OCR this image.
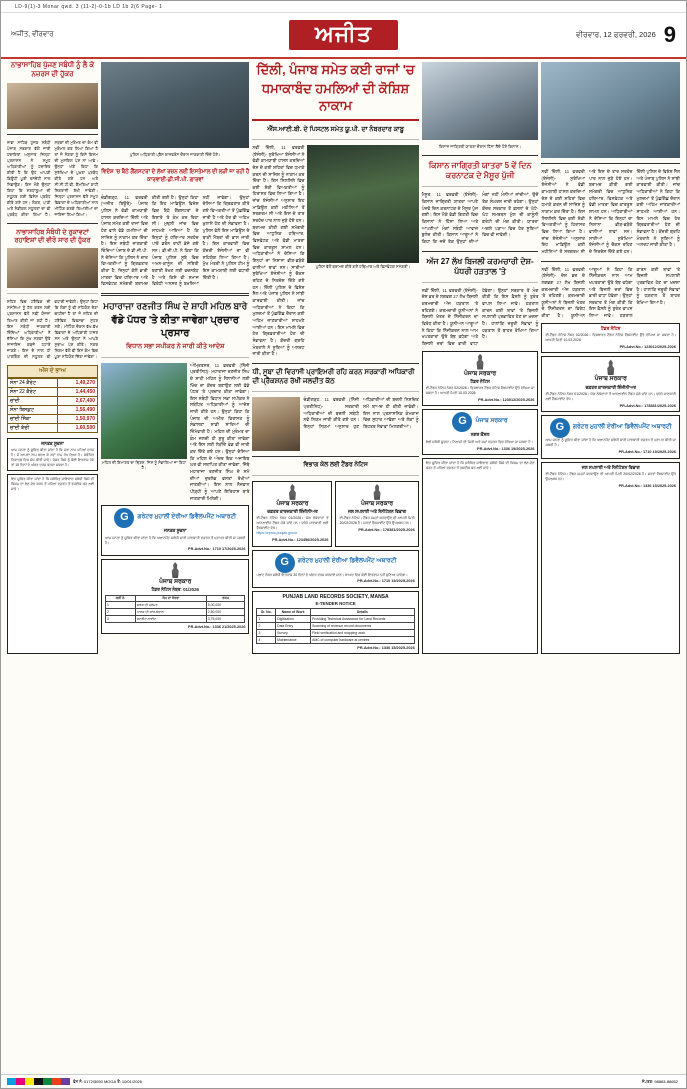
LD-9(1)-3 Monar qwd. 3 (11-2)-0-1b LD 1b 2(6 Page- 1
ਅਜੀਤ, ਵੀਰਵਾਰ	ਅਜੀਤ	ਵੀਰਵਾਰ, 12 ਫਰਵਰੀ, 2026 9
ਨਾਭਾਸਾਹਿਬ ਪੁੱਜਣ ਸਬੰਧੀ ਨੂੰ ਲੈ ਕੇ ਨਜ਼ਰਸ ਦੀ ਹੁੱਕਰ
ਨਾਭਾ ਸਾਹਿਬ ਪੁੱਜਣ ਸਬੰਧੀ ਪੰਜਾਬ ਸਰਕਾਰ ਵੱਲੋਂ ਜਾਰੀ ਹਦਾਇਤਾਂ ਅਨੁਸਾਰ ਜ਼ਿਲ੍ਹਾ ਪ੍ਰਸ਼ਾਸਨ ਨੇ ਸਮੂਹ ਅਧਿਕਾਰੀਆਂ ਨੂੰ ਹਦਾਇਤ ਕੀਤੀ ਹੈ ਕਿ ਉਹ ਆਪਣੀ ਡਿਊਟੀ ਪੂਰੀ ਤਨਦੇਹੀ ਨਾਲ ਨਿਭਾਉਣ। ਇਸ ਮੌਕੇ ਉਨ੍ਹਾਂ ਕਿਹਾ ਕਿ ਸ਼ਰਧਾਲੂਆਂ ਦੀ ਸਹੂਲਤ ਲਈ ਵਿਸ਼ੇਸ਼ ਪ੍ਰਬੰਧ ਕੀਤੇ ਗਏ ਹਨ। ਲੰਗਰ, ਪਾਣੀ ਅਤੇ ਮੈਡੀਕਲ ਸਹੂਲਤਾਂ ਦਾ ਵੀ ਪ੍ਰਬੰਧ ਕੀਤਾ ਗਿਆ ਹੈ। ਸੜਕਾਂ ਦੀ ਮੁਰੰਮਤ ਦਾ ਕੰਮ ਵੀ ਮੁਕੰਮਲ ਕਰ ਲਿਆ ਗਿਆ ਹੈ ਤਾਂ ਜੋ ਸੰਗਤਾਂ ਨੂੰ ਕਿਸੇ ਕਿਸਮ ਦੀ ਮੁਸ਼ਕਿਲ ਪੇਸ਼ ਨਾ ਆਵੇ। ਉਨ੍ਹਾਂ ਅੱਗੇ ਕਿਹਾ ਕਿ ਸੁਰੱਖਿਆ ਦੇ ਪੁਖ਼ਤਾ ਪ੍ਰਬੰਧ ਕੀਤੇ ਗਏ ਹਨ ਅਤੇ ਸੀ.ਸੀ.ਟੀ.ਵੀ. ਕੈਮਰਿਆਂ ਰਾਹੀਂ ਨਿਗਰਾਨੀ ਰੱਖੀ ਜਾਵੇਗੀ। ਜ਼ਿਲ੍ਹਾ ਪ੍ਰਸ਼ਾਸਨ ਵੱਲੋਂ ਸਮੂਹ ਵਿਭਾਗਾਂ ਦੇ ਅਧਿਕਾਰੀਆਂ ਨਾਲ ਮੀਟਿੰਗ ਕਰਕੇ ਤਿਆਰੀਆਂ ਦਾ ਜਾਇਜ਼ਾ ਲਿਆ ਗਿਆ।
ਨਾਭਾਸਾਹਿਬ ਸੰਬੰਧੀ ਦੇ ਰੁਕਾਵਟਾਂ ਰਹਾਇਸ਼ਾਂ ਦੀ ਵੀਰੋ ਸਾਰ ਦੀ ਹੁੱਕਰ
ਸ਼ਹਿਰ ਵਿਚ ਟਰੈਫਿਕ ਦੀ ਸਮੱਸਿਆ ਨੂੰ ਹੱਲ ਕਰਨ ਲਈ ਪ੍ਰਸ਼ਾਸਨ ਵੱਲੋਂ ਨਵੀਂ ਯੋਜਨਾ ਤਿਆਰ ਕੀਤੀ ਜਾ ਰਹੀ ਹੈ। ਇਸ ਸਬੰਧੀ ਜਾਣਕਾਰੀ ਦਿੰਦਿਆਂ ਅਧਿਕਾਰੀਆਂ ਨੇ ਦੱਸਿਆ ਕਿ ਮੁੱਖ ਸੜਕਾਂ ਉਤੇ ਨਾਜਾਇਜ਼ ਕਬਜ਼ੇ ਹਟਾਏ ਜਾਣਗੇ। ਇਸ ਦੇ ਨਾਲ ਹੀ ਪਾਰਕਿੰਗ ਦੀ ਸਹੂਲਤ ਵੀ ਵਧਾਈ ਜਾਵੇਗੀ। ਉਨ੍ਹਾਂ ਕਿਹਾ ਕਿ ਲੋਕਾਂ ਨੂੰ ਵੀ ਸਹਿਯੋਗ ਦੇਣਾ ਚਾਹੀਦਾ ਹੈ ਤਾਂ ਜੋ ਸ਼ਹਿਰ ਦੀ ਟਰੈਫਿਕ ਵਿਵਸਥਾ ਸੁਧਰ ਸਕੇ। ਮੀਟਿੰਗ ਦੌਰਾਨ ਵੱਖ-ਵੱਖ ਵਿਭਾਗਾਂ ਦੇ ਅਧਿਕਾਰੀ ਹਾਜ਼ਰ ਸਨ ਅਤੇ ਉਨ੍ਹਾਂ ਨੇ ਆਪਣੇ ਸੁਝਾਅ ਪੇਸ਼ ਕੀਤੇ। ਨਗਰ ਨਿਗਮ ਵੱਲੋਂ ਵੀ ਇਸ ਕੰਮ ਵਿਚ ਪੂਰਾ ਸਹਿਯੋਗ ਦਿੱਤਾ ਜਾਵੇਗਾ।
ਅੱਜ ਦੇ ਭਾਅ
ਸੋਨਾ 24 ਕੈਰੇਟ	1,49,270
ਸੋਨਾ 22 ਕੈਰੇਟ	1,44,450
ਚਾਂਦੀ	2,67,400
ਸੋਨਾ ਬਿਸਕੁਟ	1,56,490
ਚਾਂਦੀ ਸਿੱਕਾ	1,50,970
ਚਾਂਦੀ ਕੱਚੀ	1,60,500
ਜਨਤਕ ਸੂਚਨਾ
ਆਮ ਜਨਤਾ ਨੂੰ ਸੂਚਿਤ ਕੀਤਾ ਜਾਂਦਾ ਹੈ ਕਿ ਮੇਰਾ ਨਾਮ ਪਹਿਲਾਂ ਦਰਜ ਹੈ। ਮੈਂ ਆਪਣਾ ਨਾਮ ਬਦਲ ਕੇ ਨਵਾਂ ਨਾਮ ਰੱਖ ਲਿਆ ਹੈ। ਸਬੰਧਿਤ ਰਿਕਾਰਡ ਵਿਚ ਸੋਧ ਕੀਤੀ ਜਾਵੇ। ਜੇਕਰ ਕਿਸੇ ਨੂੰ ਕੋਈ ਇਤਰਾਜ਼ ਹੋਵੇ ਤਾਂ 15 ਦਿਨਾਂ ਦੇ ਅੰਦਰ ਦਰਜ ਕਰਵਾ ਸਕਦਾ ਹੈ।
ਇਹ ਸੂਚਿਤ ਕੀਤਾ ਜਾਂਦਾ ਹੈ ਕਿ ਸਬੰਧਿਤ ਜਾਇਦਾਦ ਸਬੰਧੀ ਕਿਸੇ ਵੀ ਕਿਸਮ ਦਾ ਲੈਣ-ਦੇਣ ਕਰਨ ਤੋਂ ਪਹਿਲਾਂ ਦਫ਼ਤਰ ਤੋਂ ਤਸਦੀਕ ਕਰ ਲਈ ਜਾਵੇ।
ਪੁਲਿਸ ਅਧਿਕਾਰੀ ਪ੍ਰੈਸ ਕਾਨਫਰੰਸ ਦੌਰਾਨ ਜਾਣਕਾਰੀ ਦਿੰਦੇ ਹੋਏ।
ਵਿਦੇਸ਼ 'ਚ ਬੈਠੇ ਗੈਂਗਸਟਰਾਂ ਦੇ ਲੱਖਾਂ ਰਚਨ ਲਈ ਇਸਤੇਮਾਲ ਦੀ ਲੜੀ ਜਾ ਰਹੀ ਹੈ ਕਾਰਵਾਈ-ਡੀ.ਜੀ.ਪੀ. ਗਾਰਵਾਂ
ਚੰਡੀਗੜ੍ਹ, 11 ਫਰਵਰੀ (ਅਜੀਤ ਬਿਊਰੋ)- ਪੰਜਾਬ ਪੁਲਿਸ ਨੇ ਵੱਡੀ ਕਾਮਯਾਬੀ ਹਾਸਲ ਕਰਦਿਆਂ ਦਿੱਲੀ ਅਤੇ ਪੰਜਾਬ ਸਮੇਤ ਕਈ ਰਾਜਾਂ ਵਿਚ ਹੋਣ ਵਾਲੇ ਵੱਡੇ ਹਮਲਿਆਂ ਦੀ ਸਾਜ਼ਿਸ਼ ਨੂੰ ਨਾਕਾਮ ਕਰ ਦਿੱਤਾ ਹੈ। ਇਸ ਸਬੰਧੀ ਜਾਣਕਾਰੀ ਦਿੰਦਿਆਂ ਪੰਜਾਬ ਦੇ ਡੀ.ਜੀ.ਪੀ. ਨੇ ਦੱਸਿਆ ਕਿ ਪੁਲਿਸ ਨੇ ਚਾਰ ਵਿਅਕਤੀਆਂ ਨੂੰ ਗ੍ਰਿਫ਼ਤਾਰ ਕੀਤਾ ਹੈ, ਜਿਨ੍ਹਾਂ ਕੋਲੋਂ ਭਾਰੀ ਮਾਤਰਾ ਵਿਚ ਹਥਿਆਰ ਅਤੇ ਵਿਸਫੋਟਕ ਸਮੱਗਰੀ ਬਰਾਮਦ ਕੀਤੀ ਗਈ ਹੈ। ਉਨ੍ਹਾਂ ਕਿਹਾ ਕਿ ਇਹ ਮਾਡਿਊਲ ਵਿਦੇਸ਼ ਵਿਚ ਬੈਠੇ ਗੈਂਗਸਟਰਾਂ ਦੇ ਇਸ਼ਾਰੇ 'ਤੇ ਕੰਮ ਕਰ ਰਿਹਾ ਸੀ। ਮੁਢਲੀ ਜਾਂਚ ਵਿਚ ਸਾਹਮਣੇ ਆਇਆ ਹੈ ਕਿ ਇਨ੍ਹਾਂ ਨੂੰ ਹਥਿਆਰ ਸਰਹੱਦ ਪਾਰੋਂ ਡਰੋਨ ਰਾਹੀਂ ਭੇਜੇ ਗਏ ਸਨ। ਡੀ.ਜੀ.ਪੀ. ਨੇ ਕਿਹਾ ਕਿ ਪੰਜਾਬ ਪੁਲਿਸ ਸੂਬੇ ਵਿਚ ਅਮਨ-ਕਾਨੂੰਨ ਦੀ ਸਥਿਤੀ ਬਣਾਈ ਰੱਖਣ ਲਈ ਵਚਨਬੱਧ ਹੈ ਅਤੇ ਕਿਸੇ ਵੀ ਸਮਾਜ ਵਿਰੋਧੀ ਅਨਸਰ ਨੂੰ ਬਖ਼ਸ਼ਿਆ ਨਹੀਂ ਜਾਵੇਗਾ। ਉਨ੍ਹਾਂ ਦੱਸਿਆ ਕਿ ਗ੍ਰਿਫ਼ਤਾਰ ਕੀਤੇ ਗਏ ਵਿਅਕਤੀਆਂ ਤੋਂ ਪੁੱਛਗਿੱਛ ਜਾਰੀ ਹੈ ਅਤੇ ਹੋਰ ਵੀ ਅਹਿਮ ਖ਼ੁਲਾਸੇ ਹੋਣ ਦੀ ਸੰਭਾਵਨਾ ਹੈ। ਪੁਲਿਸ ਵੱਲੋਂ ਇਸ ਮਾਡਿਊਲ ਦੇ ਬਾਕੀ ਮੈਂਬਰਾਂ ਦੀ ਭਾਲ ਜਾਰੀ ਹੈ। ਇਸ ਕਾਰਵਾਈ ਵਿਚ ਕੇਂਦਰੀ ਏਜੰਸੀਆਂ ਦਾ ਵੀ ਸਹਿਯੋਗ ਲਿਆ ਗਿਆ ਹੈ। ਮੁੱਖ ਮੰਤਰੀ ਨੇ ਪੁਲਿਸ ਟੀਮ ਨੂੰ ਇਸ ਕਾਮਯਾਬੀ ਲਈ ਵਧਾਈ ਦਿੱਤੀ ਹੈ।
ਮਹਾਰਾਜਾ ਰਣਜੀਤ ਸਿੰਘ ਦੇ ਸ਼ਾਹੀ ਮਹਿਲ ਬਾਰੇ
ਵੱਡੇ ਪੱਧਰ 'ਤੇ ਕੀਤਾ ਜਾਵੇਗਾ ਪ੍ਰਚਾਰ ਪ੍ਰਸਾਰ
ਵਿਧਾਨ ਸਭਾ ਸਪੀਕਰ ਨੇ ਜਾਰੀ ਕੀਤੇ ਆਦੇਸ਼
ਮਹਿਲ ਦੀ ਇਮਾਰਤ ਦਾ ਦ੍ਰਿਸ਼, ਜਿਸ ਨੂੰ ਸੰਭਾਲਿਆ ਜਾ ਰਿਹਾ ਹੈ।
ਅੰਮ੍ਰਿਤਸਰ, 11 ਫਰਵਰੀ (ਨਿੱਜੀ ਪ੍ਰਤੀਨਿਧ)- ਮਹਾਰਾਜਾ ਰਣਜੀਤ ਸਿੰਘ ਦੇ ਸ਼ਾਹੀ ਮਹਿਲ ਨੂੰ ਸੈਲਾਨੀਆਂ ਲਈ ਖਿੱਚ ਦਾ ਕੇਂਦਰ ਬਣਾਉਣ ਲਈ ਵੱਡੇ ਪੱਧਰ 'ਤੇ ਪ੍ਰਚਾਰ ਕੀਤਾ ਜਾਵੇਗਾ। ਇਸ ਸਬੰਧੀ ਵਿਧਾਨ ਸਭਾ ਸਪੀਕਰ ਨੇ ਸਬੰਧਿਤ ਅਧਿਕਾਰੀਆਂ ਨੂੰ ਆਦੇਸ਼ ਜਾਰੀ ਕੀਤੇ ਹਨ। ਉਨ੍ਹਾਂ ਕਿਹਾ ਕਿ ਪੰਜਾਬ ਦੀ ਅਮੀਰ ਵਿਰਾਸਤ ਨੂੰ ਸੰਭਾਲਣਾ ਸਾਡੀ ਸਾਰਿਆਂ ਦੀ ਜ਼ਿੰਮੇਵਾਰੀ ਹੈ। ਮਹਿਲ ਦੀ ਮੁਰੰਮਤ ਦਾ ਕੰਮ ਜਲਦੀ ਹੀ ਸ਼ੁਰੂ ਕੀਤਾ ਜਾਵੇਗਾ ਅਤੇ ਇਸ ਲਈ ਲੋੜੀਂਦੇ ਫੰਡ ਵੀ ਜਾਰੀ ਕਰ ਦਿੱਤੇ ਗਏ ਹਨ। ਉਨ੍ਹਾਂ ਦੱਸਿਆ ਕਿ ਮਹਿਲ ਦੇ ਅੰਦਰ ਇਕ ਅਜਾਇਬ ਘਰ ਵੀ ਸਥਾਪਿਤ ਕੀਤਾ ਜਾਵੇਗਾ, ਜਿੱਥੇ ਮਹਾਰਾਜਾ ਰਣਜੀਤ ਸਿੰਘ ਦੇ ਸਮੇਂ ਦੀਆਂ ਦੁਰਲੱਭ ਵਸਤਾਂ ਰੱਖੀਆਂ ਜਾਣਗੀਆਂ। ਇਸ ਨਾਲ ਨੌਜਵਾਨ ਪੀੜ੍ਹੀ ਨੂੰ ਆਪਣੇ ਇਤਿਹਾਸ ਬਾਰੇ ਜਾਣਕਾਰੀ ਮਿਲੇਗੀ।
G	ਗਰੇਟਰ ਮੁਹਾਲੀ ਏਰੀਆ ਡਿਵੈਲਪਮੈਂਟ ਅਥਾਰਟੀ
ਜਨਤਕ ਸੂਚਨਾ
ਆਮ ਜਨਤਾ ਨੂੰ ਸੂਚਿਤ ਕੀਤਾ ਜਾਂਦਾ ਹੈ ਕਿ ਅਲਾਟਮੈਂਟ ਸਬੰਧੀ ਸਾਰੀ ਜਾਣਕਾਰੀ ਦਫ਼ਤਰ ਤੋਂ ਪ੍ਰਾਪਤ ਕੀਤੀ ਜਾ ਸਕਦੀ ਹੈ।
PR-Advt.No.: 1710 17/2025-2026
ਪੰਜਾਬ ਸਰਕਾਰ
ਟੈਂਡਰ ਨੋਟਿਸ ਨੰਬਰ: 01/2026
ਲੜੀ ਨੰ.	ਕੰਮ ਦਾ ਵੇਰਵਾ	ਰਕਮ
1	ਸੜਕ ਦੀ ਮੁਰੰਮਤ	5,00,000
2	ਪਾਰਕ ਦੀ ਸਾਂਭ-ਸੰਭਾਲ	2,50,000
3	ਸਟਰੀਟ ਲਾਈਟ	3,75,000
PR-Advt.No.: 1336 21/2025-2026
ਦਿੱਲੀ, ਪੰਜਾਬ ਸਮੇਤ ਕਈ ਰਾਜਾਂ 'ਚ
ਧਮਾਕਾਬੰਦ ਹਮਲਿਆਂ ਦੀ ਕੋਸ਼ਿਸ਼ ਨਾਕਾਮ
ਐੱਸ.ਆਈ.ਬੀ. ਦੇ ਪਿਸਟਲ ਸਮੇਤ ਯੂ.ਪੀ. ਦਾ ਨੰਬਰਦਾਰ ਕਾਬੂ
ਨਵੀਂ ਦਿੱਲੀ, 11 ਫਰਵਰੀ (ਏਜੰਸੀ)- ਸੁਰੱਖਿਆ ਏਜੰਸੀਆਂ ਨੇ ਵੱਡੀ ਕਾਮਯਾਬੀ ਹਾਸਲ ਕਰਦਿਆਂ ਦੇਸ਼ ਦੇ ਕਈ ਸ਼ਹਿਰਾਂ ਵਿਚ ਧਮਾਕੇ ਕਰਨ ਦੀ ਸਾਜ਼ਿਸ਼ ਨੂੰ ਨਾਕਾਮ ਕਰ ਦਿੱਤਾ ਹੈ। ਇਸ ਸਿਲਸਿਲੇ ਵਿਚ ਕਈ ਸ਼ੱਕੀ ਵਿਅਕਤੀਆਂ ਨੂੰ ਹਿਰਾਸਤ ਵਿਚ ਲਿਆ ਗਿਆ ਹੈ। ਜਾਂਚ ਏਜੰਸੀਆਂ ਅਨੁਸਾਰ ਇਹ ਮਾਡਿਊਲ ਕਈ ਮਹੀਨਿਆਂ ਤੋਂ ਸਰਗਰਮ ਸੀ ਅਤੇ ਇਸ ਦੇ ਤਾਰ ਸਰਹੱਦ ਪਾਰ ਨਾਲ ਜੁੜੇ ਹੋਏ ਹਨ। ਬਰਾਮਦ ਕੀਤੀ ਗਈ ਸਮੱਗਰੀ ਵਿਚ ਆਧੁਨਿਕ ਹਥਿਆਰ, ਵਿਸਫੋਟਕ ਅਤੇ ਵੱਡੀ ਮਾਤਰਾ ਵਿਚ ਕਾਰਤੂਸ ਸ਼ਾਮਲ ਹਨ। ਅਧਿਕਾਰੀਆਂ ਨੇ ਦੱਸਿਆ ਕਿ ਇਨ੍ਹਾਂ ਦਾ ਨਿਸ਼ਾਨਾ ਭੀੜ-ਭੜੱਕੇ ਵਾਲੀਆਂ ਥਾਵਾਂ ਸਨ। ਸਾਰੀਆਂ ਸੁਰੱਖਿਆ ਏਜੰਸੀਆਂ ਨੂੰ ਚੌਕਸ ਰਹਿਣ ਦੇ ਨਿਰਦੇਸ਼ ਦਿੱਤੇ ਗਏ ਹਨ। ਦਿੱਲੀ ਪੁਲਿਸ ਦੇ ਵਿਸ਼ੇਸ਼ ਸੈੱਲ ਅਤੇ ਪੰਜਾਬ ਪੁਲਿਸ ਨੇ ਸਾਂਝੀ ਕਾਰਵਾਈ ਕੀਤੀ। ਜਾਂਚ ਅਧਿਕਾਰੀਆਂ ਨੇ ਕਿਹਾ ਕਿ ਮੁਲਜ਼ਮਾਂ ਤੋਂ ਪੁੱਛਗਿੱਛ ਦੌਰਾਨ ਕਈ ਅਹਿਮ ਜਾਣਕਾਰੀਆਂ ਸਾਹਮਣੇ ਆਈਆਂ ਹਨ। ਇਸ ਮਾਮਲੇ ਵਿਚ ਹੋਰ ਗ੍ਰਿਫ਼ਤਾਰੀਆਂ ਹੋਣ ਦੀ ਸੰਭਾਵਨਾ ਹੈ। ਕੇਂਦਰੀ ਗ੍ਰਹਿ ਮੰਤਰਾਲੇ ਨੇ ਸੂਬਿਆਂ ਨੂੰ ਅਲਰਟ ਜਾਰੀ ਕੀਤਾ ਹੈ।
ਪੁਲਿਸ ਵੱਲੋਂ ਬਰਾਮਦ ਕੀਤੇ ਗਏ ਹਥਿਆਰ ਅਤੇ ਵਿਸਫੋਟਕ ਸਮੱਗਰੀ।
ਧੀ, ਸੂਬਾ ਦੀ ਵਿਰਾਸੀ ਪ੍ਰਾਇਮਰੀ ਰਹਿ ਕਰਨ ਸਰਕਾਰੀ ਅਧਿਕਾਰੀ ਦੀ ਪ੍ਰੈੱਕਸ਼ਨਰ ਰੱਖੀ ਜਲਦੀਤ ਕੱਠ
ਚੰਡੀਗੜ੍ਹ, 11 ਫਰਵਰੀ (ਨਿੱਜੀ ਪ੍ਰਤੀਨਿਧ)- ਸਰਕਾਰੀ ਅਧਿਕਾਰੀਆਂ ਦੀ ਬਦਲੀ ਸਬੰਧੀ ਨਵੇਂ ਨਿਯਮ ਜਾਰੀ ਕੀਤੇ ਗਏ ਹਨ। ਇਨ੍ਹਾਂ ਨਿਯਮਾਂ ਅਨੁਸਾਰ ਹੁਣ ਅਧਿਕਾਰੀਆਂ ਦੀ ਬਦਲੀ ਨਿਸ਼ਚਿਤ ਸਮੇਂ ਬਾਅਦ ਹੀ ਕੀਤੀ ਜਾਵੇਗੀ। ਇਸ ਨਾਲ ਪ੍ਰਸ਼ਾਸਨਿਕ ਕੰਮਕਾਜ ਵਿਚ ਸੁਧਾਰ ਆਵੇਗਾ ਅਤੇ ਲੋਕਾਂ ਨੂੰ ਬਿਹਤਰ ਸੇਵਾਵਾਂ ਮਿਲਣਗੀਆਂ।
ਵਿਭਾਗ ਕੋਲ ਲਈ ਟੈਂਡਰ ਨੋਟਿਸ
ਪੰਜਾਬ ਸਰਕਾਰ
ਦਫ਼ਤਰ ਕਾਰਜਕਾਰੀ ਇੰਜੀਨੀਅਰ
ਈ-ਟੈਂਡਰ ਨੋਟਿਸ ਨੰਬਰ 01/2026। ਯੋਗ ਠੇਕੇਦਾਰਾਂ ਤੋਂ ਆਨਲਾਈਨ ਟੈਂਡਰ ਮੰਗੇ ਜਾਂਦੇ ਹਨ। ਵਧੇਰੇ ਜਾਣਕਾਰੀ ਲਈ ਵੈੱਬਸਾਈਟ ਵੇਖੋ।
https://eproc.punjab.gov.in
PR-Advt.No.: 123456/2025-2026
ਪੰਜਾਬ ਸਰਕਾਰ
ਜਲ ਸਪਲਾਈ ਅਤੇ ਸੈਨੀਟੇਸ਼ਨ ਵਿਭਾਗ
ਈ-ਟੈਂਡਰ ਨੋਟਿਸ। ਟੈਂਡਰ ਜਮ੍ਹਾਂ ਕਰਵਾਉਣ ਦੀ ਆਖਰੀ ਮਿਤੀ 20/02/2026 ਹੈ। ਸ਼ਰਤਾਂ ਵੈੱਬਸਾਈਟ ਉਤੇ ਉਪਲਬਧ ਹਨ।
PR-Advt.No.: 178381/2025-2026
G	ਗਰੇਟਰ ਮੁਹਾਲੀ ਏਰੀਆ ਡਿਵੈਲਪਮੈਂਟ ਅਥਾਰਟੀ
ਪਲਾਟ ਨੰਬਰ ਸਬੰਧੀ ਇਤਰਾਜ਼ 30 ਦਿਨਾਂ ਦੇ ਅੰਦਰ ਦਰਜ ਕਰਵਾਏ ਜਾਣ। ਬਾਅਦ ਵਿਚ ਕੋਈ ਇਤਰਾਜ਼ ਨਹੀਂ ਸੁਣਿਆ ਜਾਵੇਗਾ।
PR-Advt.No.: 1710 19/2025-2026
PUNJAB LAND RECORDS SOCIETY, MANSA
E-TENDER NOTICE
Sr. No.	Name of Work	Details
1	Digitization	Providing Technical Assistance for Land Records
2	Data Entry	Scanning of revenue record documents
3	Survey	Field verification and mapping work
4	Maintenance	AMC of computer hardware at centres
PR-Advt.No.: 1336 15/2025-2026
ਕਿਸਾਨ ਜਾਗ੍ਰਿਤੀ ਯਾਤਰਾ ਦੌਰਾਨ ਹਿੱਸਾ ਲੈਂਦੇ ਹੋਏ ਕਿਸਾਨ।
ਕਿਸਾਨ ਜਾਗ੍ਰਿਤੀ ਯਾਤਰਾ 5 ਵੇਂ ਦਿਨ ਕਰਨਾਟਕ ਦੇ ਮੈਸੂਰ ਪੁੱਜੀ
ਮੈਸੂਰ, 11 ਫਰਵਰੀ (ਏਜੰਸੀ)- ਕਿਸਾਨ ਜਾਗ੍ਰਿਤੀ ਯਾਤਰਾ ਆਪਣੇ ਪੰਜਵੇਂ ਦਿਨ ਕਰਨਾਟਕ ਦੇ ਮੈਸੂਰ ਪੁੱਜ ਗਈ। ਇਸ ਮੌਕੇ ਵੱਡੀ ਗਿਣਤੀ ਵਿਚ ਕਿਸਾਨਾਂ ਨੇ ਹਿੱਸਾ ਲਿਆ ਅਤੇ ਆਪਣੀਆਂ ਮੰਗਾਂ ਸਬੰਧੀ ਆਵਾਜ਼ ਬੁਲੰਦ ਕੀਤੀ। ਕਿਸਾਨ ਆਗੂਆਂ ਨੇ ਕਿਹਾ ਕਿ ਜਦੋਂ ਤੱਕ ਉਨ੍ਹਾਂ ਦੀਆਂ ਮੰਗਾਂ ਨਹੀਂ ਮੰਨੀਆਂ ਜਾਂਦੀਆਂ, ਉਦੋਂ ਤੱਕ ਸੰਘਰਸ਼ ਜਾਰੀ ਰਹੇਗਾ। ਉਨ੍ਹਾਂ ਕੇਂਦਰ ਸਰਕਾਰ ਤੋਂ ਫ਼ਸਲਾਂ ਦੇ ਘੱਟੋ-ਘੱਟ ਸਮਰਥਨ ਮੁੱਲ ਦੀ ਕਾਨੂੰਨੀ ਗਰੰਟੀ ਦੀ ਮੰਗ ਕੀਤੀ। ਯਾਤਰਾ ਅਗਲੇ ਪੜਾਅ ਵਿਚ ਹੋਰ ਸੂਬਿਆਂ ਵਿਚ ਵੀ ਜਾਵੇਗੀ।
ਅੱਜ 27 ਲੱਖ ਬਿਜਲੀ ਕਰਮਚਾਰੀ ਦੇਸ਼-ਪੱਧਰੀ ਹੜਤਾਲ 'ਤੇ
ਨਵੀਂ ਦਿੱਲੀ, 11 ਫਰਵਰੀ (ਏਜੰਸੀ)- ਦੇਸ਼ ਭਰ ਦੇ ਲਗਭਗ 27 ਲੱਖ ਬਿਜਲੀ ਕਰਮਚਾਰੀ ਅੱਜ ਹੜਤਾਲ 'ਤੇ ਰਹਿਣਗੇ। ਕਰਮਚਾਰੀ ਯੂਨੀਅਨਾਂ ਨੇ ਬਿਜਲੀ ਖੇਤਰ ਦੇ ਨਿੱਜੀਕਰਨ ਦਾ ਵਿਰੋਧ ਕੀਤਾ ਹੈ। ਯੂਨੀਅਨ ਆਗੂਆਂ ਨੇ ਕਿਹਾ ਕਿ ਨਿੱਜੀਕਰਨ ਨਾਲ ਆਮ ਖਪਤਕਾਰਾਂ ਉਤੇ ਬੋਝ ਵਧੇਗਾ ਅਤੇ ਬਿਜਲੀ ਦਰਾਂ ਵਿਚ ਭਾਰੀ ਵਾਧਾ ਹੋਵੇਗਾ। ਉਨ੍ਹਾਂ ਸਰਕਾਰ ਤੋਂ ਮੰਗ ਕੀਤੀ ਕਿ ਇਸ ਫ਼ੈਸਲੇ ਨੂੰ ਤੁਰੰਤ ਵਾਪਸ ਲਿਆ ਜਾਵੇ। ਹੜਤਾਲ ਕਾਰਨ ਕਈ ਥਾਵਾਂ 'ਤੇ ਬਿਜਲੀ ਸਪਲਾਈ ਪ੍ਰਭਾਵਿਤ ਹੋਣ ਦਾ ਖ਼ਦਸ਼ਾ ਹੈ। ਹਾਲਾਂਕਿ ਜ਼ਰੂਰੀ ਸੇਵਾਵਾਂ ਨੂੰ ਹੜਤਾਲ ਤੋਂ ਬਾਹਰ ਰੱਖਿਆ ਗਿਆ ਹੈ।
ਪੰਜਾਬ ਸਰਕਾਰ
ਟੈਂਡਰ ਨੋਟਿਸ
ਈ-ਟੈਂਡਰ ਨੋਟਿਸ ਨੰਬਰ 02/2026। ਵਿਸਥਾਰਤ ਟੈਂਡਰ ਨੋਟਿਸ ਵੈੱਬਸਾਈਟ ਉਤੇ ਵੇਖਿਆ ਜਾ ਸਕਦਾ ਹੈ। ਆਖਰੀ ਮਿਤੀ 10.03.2026
PR-Advt.No.: 123012/2025-2026
G	ਪੰਜਾਬ ਸਰਕਾਰ
ਨਗਰ ਕੌਂਸਲ
ਬੋਲੀ ਸਬੰਧੀ ਸੂਚਨਾ। ਨਿਲਾਮੀ ਦੀ ਮਿਤੀ ਅਤੇ ਸਮਾਂ ਦਫ਼ਤਰ ਵਿਚ ਵੇਖਿਆ ਜਾ ਸਕਦਾ ਹੈ।
PR-Advt.No.: 1336 19/2025-2026
ਇਹ ਸੂਚਿਤ ਕੀਤਾ ਜਾਂਦਾ ਹੈ ਕਿ ਸਬੰਧਿਤ ਜਾਇਦਾਦ ਸਬੰਧੀ ਕਿਸੇ ਵੀ ਕਿਸਮ ਦਾ ਲੈਣ-ਦੇਣ ਕਰਨ ਤੋਂ ਪਹਿਲਾਂ ਦਫ਼ਤਰ ਤੋਂ ਤਸਦੀਕ ਕਰ ਲਈ ਜਾਵੇ।
ਨਵੀਂ ਦਿੱਲੀ, 11 ਫਰਵਰੀ (ਏਜੰਸੀ)- ਸੁਰੱਖਿਆ ਏਜੰਸੀਆਂ ਨੇ ਵੱਡੀ ਕਾਮਯਾਬੀ ਹਾਸਲ ਕਰਦਿਆਂ ਦੇਸ਼ ਦੇ ਕਈ ਸ਼ਹਿਰਾਂ ਵਿਚ ਧਮਾਕੇ ਕਰਨ ਦੀ ਸਾਜ਼ਿਸ਼ ਨੂੰ ਨਾਕਾਮ ਕਰ ਦਿੱਤਾ ਹੈ। ਇਸ ਸਿਲਸਿਲੇ ਵਿਚ ਕਈ ਸ਼ੱਕੀ ਵਿਅਕਤੀਆਂ ਨੂੰ ਹਿਰਾਸਤ ਵਿਚ ਲਿਆ ਗਿਆ ਹੈ। ਜਾਂਚ ਏਜੰਸੀਆਂ ਅਨੁਸਾਰ ਇਹ ਮਾਡਿਊਲ ਕਈ ਮਹੀਨਿਆਂ ਤੋਂ ਸਰਗਰਮ ਸੀ ਅਤੇ ਇਸ ਦੇ ਤਾਰ ਸਰਹੱਦ ਪਾਰ ਨਾਲ ਜੁੜੇ ਹੋਏ ਹਨ। ਬਰਾਮਦ ਕੀਤੀ ਗਈ ਸਮੱਗਰੀ ਵਿਚ ਆਧੁਨਿਕ ਹਥਿਆਰ, ਵਿਸਫੋਟਕ ਅਤੇ ਵੱਡੀ ਮਾਤਰਾ ਵਿਚ ਕਾਰਤੂਸ ਸ਼ਾਮਲ ਹਨ। ਅਧਿਕਾਰੀਆਂ ਨੇ ਦੱਸਿਆ ਕਿ ਇਨ੍ਹਾਂ ਦਾ ਨਿਸ਼ਾਨਾ ਭੀੜ-ਭੜੱਕੇ ਵਾਲੀਆਂ ਥਾਵਾਂ ਸਨ। ਸਾਰੀਆਂ ਸੁਰੱਖਿਆ ਏਜੰਸੀਆਂ ਨੂੰ ਚੌਕਸ ਰਹਿਣ ਦੇ ਨਿਰਦੇਸ਼ ਦਿੱਤੇ ਗਏ ਹਨ। ਦਿੱਲੀ ਪੁਲਿਸ ਦੇ ਵਿਸ਼ੇਸ਼ ਸੈੱਲ ਅਤੇ ਪੰਜਾਬ ਪੁਲਿਸ ਨੇ ਸਾਂਝੀ ਕਾਰਵਾਈ ਕੀਤੀ। ਜਾਂਚ ਅਧਿਕਾਰੀਆਂ ਨੇ ਕਿਹਾ ਕਿ ਮੁਲਜ਼ਮਾਂ ਤੋਂ ਪੁੱਛਗਿੱਛ ਦੌਰਾਨ ਕਈ ਅਹਿਮ ਜਾਣਕਾਰੀਆਂ ਸਾਹਮਣੇ ਆਈਆਂ ਹਨ। ਇਸ ਮਾਮਲੇ ਵਿਚ ਹੋਰ ਗ੍ਰਿਫ਼ਤਾਰੀਆਂ ਹੋਣ ਦੀ ਸੰਭਾਵਨਾ ਹੈ। ਕੇਂਦਰੀ ਗ੍ਰਹਿ ਮੰਤਰਾਲੇ ਨੇ ਸੂਬਿਆਂ ਨੂੰ ਅਲਰਟ ਜਾਰੀ ਕੀਤਾ ਹੈ।
ਨਵੀਂ ਦਿੱਲੀ, 11 ਫਰਵਰੀ (ਏਜੰਸੀ)- ਦੇਸ਼ ਭਰ ਦੇ ਲਗਭਗ 27 ਲੱਖ ਬਿਜਲੀ ਕਰਮਚਾਰੀ ਅੱਜ ਹੜਤਾਲ 'ਤੇ ਰਹਿਣਗੇ। ਕਰਮਚਾਰੀ ਯੂਨੀਅਨਾਂ ਨੇ ਬਿਜਲੀ ਖੇਤਰ ਦੇ ਨਿੱਜੀਕਰਨ ਦਾ ਵਿਰੋਧ ਕੀਤਾ ਹੈ। ਯੂਨੀਅਨ ਆਗੂਆਂ ਨੇ ਕਿਹਾ ਕਿ ਨਿੱਜੀਕਰਨ ਨਾਲ ਆਮ ਖਪਤਕਾਰਾਂ ਉਤੇ ਬੋਝ ਵਧੇਗਾ ਅਤੇ ਬਿਜਲੀ ਦਰਾਂ ਵਿਚ ਭਾਰੀ ਵਾਧਾ ਹੋਵੇਗਾ। ਉਨ੍ਹਾਂ ਸਰਕਾਰ ਤੋਂ ਮੰਗ ਕੀਤੀ ਕਿ ਇਸ ਫ਼ੈਸਲੇ ਨੂੰ ਤੁਰੰਤ ਵਾਪਸ ਲਿਆ ਜਾਵੇ। ਹੜਤਾਲ ਕਾਰਨ ਕਈ ਥਾਵਾਂ 'ਤੇ ਬਿਜਲੀ ਸਪਲਾਈ ਪ੍ਰਭਾਵਿਤ ਹੋਣ ਦਾ ਖ਼ਦਸ਼ਾ ਹੈ। ਹਾਲਾਂਕਿ ਜ਼ਰੂਰੀ ਸੇਵਾਵਾਂ ਨੂੰ ਹੜਤਾਲ ਤੋਂ ਬਾਹਰ ਰੱਖਿਆ ਗਿਆ ਹੈ।
ਟੈਂਡਰ ਨੋਟਿਸ
ਈ-ਟੈਂਡਰ ਨੋਟਿਸ ਨੰਬਰ 02/2026। ਵਿਸਥਾਰਤ ਟੈਂਡਰ ਨੋਟਿਸ ਵੈੱਬਸਾਈਟ ਉਤੇ ਵੇਖਿਆ ਜਾ ਸਕਦਾ ਹੈ। ਆਖਰੀ ਮਿਤੀ 10.03.2026
PR-Advt.No.: 123012/2025-2026
ਪੰਜਾਬ ਸਰਕਾਰ
ਦਫ਼ਤਰ ਕਾਰਜਕਾਰੀ ਇੰਜੀਨੀਅਰ
ਈ-ਟੈਂਡਰ ਨੋਟਿਸ ਨੰਬਰ 01/2026। ਯੋਗ ਠੇਕੇਦਾਰਾਂ ਤੋਂ ਆਨਲਾਈਨ ਟੈਂਡਰ ਮੰਗੇ ਜਾਂਦੇ ਹਨ। ਵਧੇਰੇ ਜਾਣਕਾਰੀ ਲਈ ਵੈੱਬਸਾਈਟ ਵੇਖੋ।
PR-Advt.No.: 178381/2025-2026
G	ਗਰੇਟਰ ਮੁਹਾਲੀ ਏਰੀਆ ਡਿਵੈਲਪਮੈਂਟ ਅਥਾਰਟੀ
ਆਮ ਜਨਤਾ ਨੂੰ ਸੂਚਿਤ ਕੀਤਾ ਜਾਂਦਾ ਹੈ ਕਿ ਅਲਾਟਮੈਂਟ ਸਬੰਧੀ ਸਾਰੀ ਜਾਣਕਾਰੀ ਦਫ਼ਤਰ ਤੋਂ ਪ੍ਰਾਪਤ ਕੀਤੀ ਜਾ ਸਕਦੀ ਹੈ।
PR-Advt.No.: 1710 19/2025-2026
ਜਲ ਸਪਲਾਈ ਅਤੇ ਸੈਨੀਟੇਸ਼ਨ ਵਿਭਾਗ
ਈ-ਟੈਂਡਰ ਨੋਟਿਸ। ਟੈਂਡਰ ਜਮ੍ਹਾਂ ਕਰਵਾਉਣ ਦੀ ਆਖਰੀ ਮਿਤੀ 20/02/2026 ਹੈ। ਸ਼ਰਤਾਂ ਵੈੱਬਸਾਈਟ ਉਤੇ ਉਪਲਬਧ ਹਨ।
PR-Advt.No.: 1336 15/2025-2026
ਫੋਨ ਨੰ: 0172/5050 MOGA ਤੋਂ: 10/01/2026	ਸੰਪਰਕ: 98883-88652
